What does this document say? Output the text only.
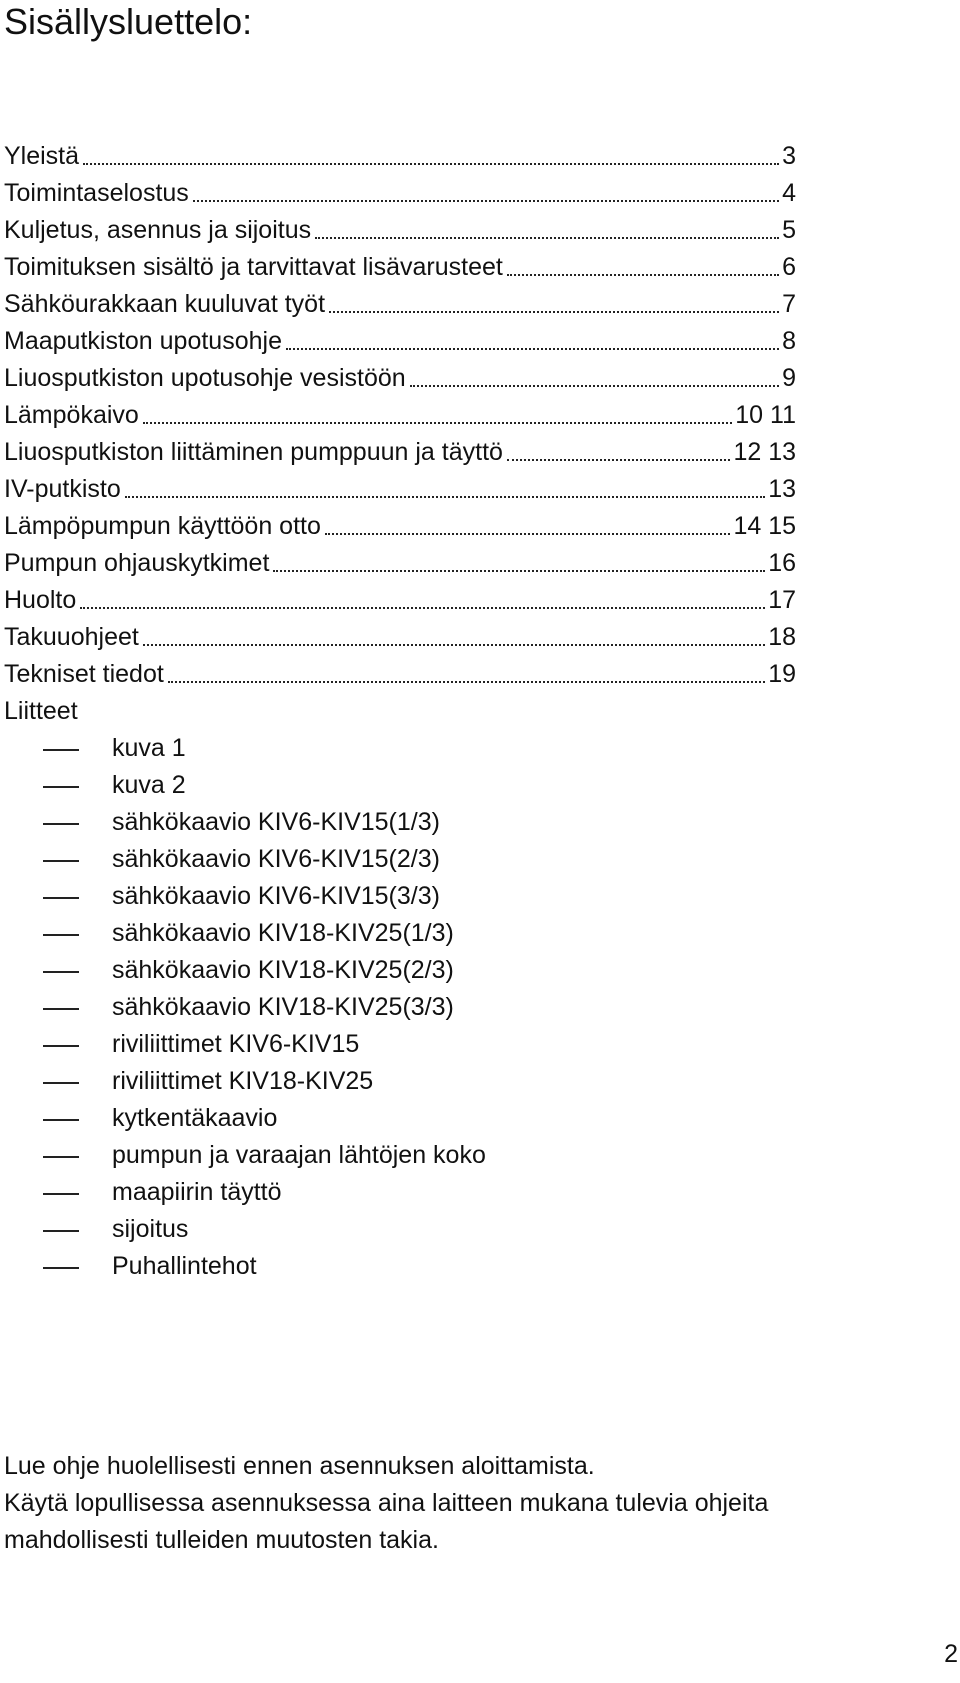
Sisällysluettelo:
Yleistä	3
Toimintaselostus	4
Kuljetus, asennus ja sijoitus	5
Toimituksen sisältö ja tarvittavat lisävarusteet	6
Sähköurakkaan kuuluvat työt	7
Maaputkiston upotusohje	8
Liuosputkiston upotusohje vesistöön	9
Lämpökaivo	10 11
Liuosputkiston liittäminen pumppuun ja täyttö	12 13
IV-putkisto	13
Lämpöpumpun käyttöön otto	14 15
Pumpun ohjauskytkimet	16
Huolto	17
Takuuohjeet	18
Tekniset tiedot	19
Liitteet
kuva 1
kuva 2
sähkökaavio KIV6-KIV15(1/3)
sähkökaavio KIV6-KIV15(2/3)
sähkökaavio KIV6-KIV15(3/3)
sähkökaavio KIV18-KIV25(1/3)
sähkökaavio KIV18-KIV25(2/3)
sähkökaavio KIV18-KIV25(3/3)
riviliittimet KIV6-KIV15
riviliittimet KIV18-KIV25
kytkentäkaavio
pumpun ja varaajan lähtöjen koko
maapiirin täyttö
sijoitus
Puhallintehot
Lue ohje huolellisesti ennen asennuksen aloittamista.
Käytä lopullisessa asennuksessa aina laitteen mukana tulevia ohjeita
mahdollisesti tulleiden muutosten takia.
2
